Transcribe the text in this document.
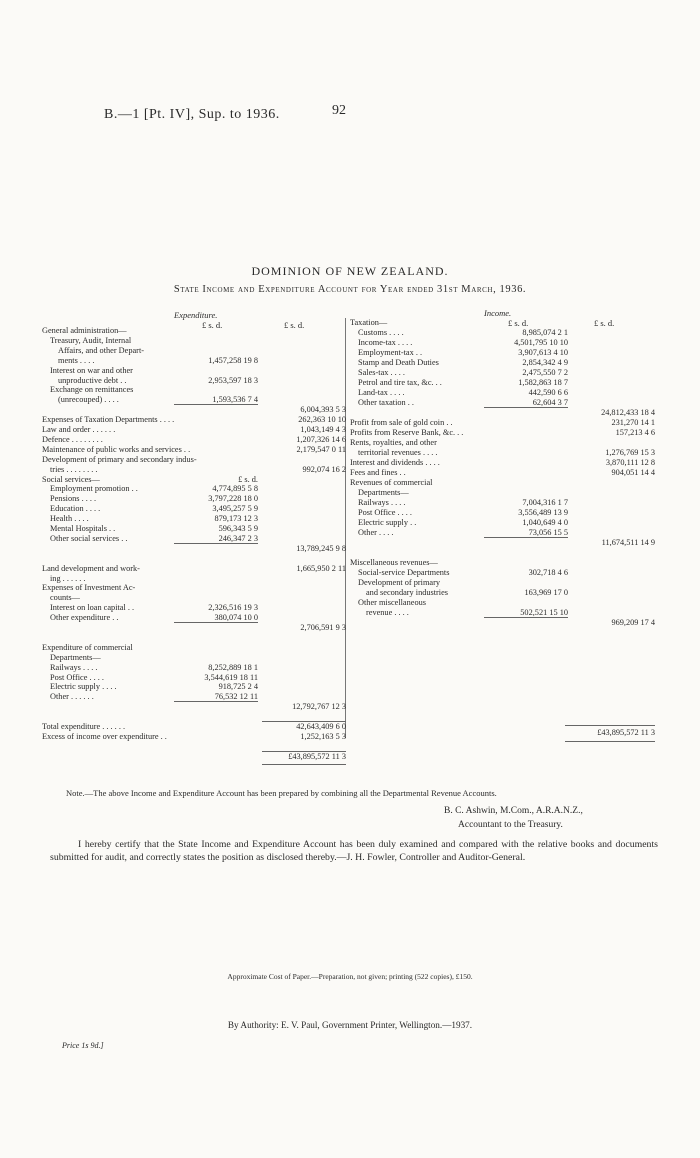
B.—1 [Pt. IV], Sup. to 1936.	92
DOMINION OF NEW ZEALAND.
State Income and Expenditure Account for Year ended 31st March, 1936.
Expenditure.
£ s. d.	£ s. d.
Income.
£ s. d.	£ s. d.
General administration—
Treasury, Audit, Internal
Affairs, and other Depart-
ments . . . .	1,457,258 19 8
Interest on war and other
unproductive debt . .	2,953,597 18 3
Exchange on remittances
(unrecouped) . . . .	1,593,536 7 4
6,004,393 5 3
Expenses of Taxation Departments . . . .	262,363 10 10
Law and order . . . . . .	1,043,149 4 3
Defence . . . . . . . .	1,207,326 14 6
Maintenance of public works and services . .	2,179,547 0 11
Development of primary and secondary indus-
tries . . . . . . . .	992,074 16 2
Social services—	£ s. d.
Employment promotion . .	4,774,895 5 8
Pensions . . . .	3,797,228 18 0
Education . . . .	3,495,257 5 9
Health . . . .	879,173 12 3
Mental Hospitals . .	596,343 5 9
Other social services . .	246,347 2 3
13,789,245 9 8
Land development and work-	1,665,950 2 11
ing . . . . . .
Expenses of Investment Ac-
counts—
Interest on loan capital . .	2,326,516 19 3
Other expenditure . .	380,074 10 0
2,706,591 9 3
Expenditure of commercial
Departments—
Railways . . . .	8,252,889 18 1
Post Office . . . .	3,544,619 18 11
Electric supply . . . .	918,725 2 4
Other . . . . . .	76,532 12 11
12,792,767 12 3
Total expenditure . . . . . .	42,643,409 6 0
Excess of income over expenditure . .	1,252,163 5 3
£43,895,572 11 3
Taxation—
Customs . . . .	8,985,074 2 1
Income-tax . . . .	4,501,795 10 10
Employment-tax . .	3,907,613 4 10
Stamp and Death Duties	2,854,342 4 9
Sales-tax . . . .	2,475,550 7 2
Petrol and tire tax, &c. . .	1,582,863 18 7
Land-tax . . . .	442,590 6 6
Other taxation . .	62,604 3 7
24,812,433 18 4
Profit from sale of gold coin . .	231,270 14 1
Profits from Reserve Bank, &c. . .	157,213 4 6
Rents, royalties, and other
territorial revenues . . . .	1,276,769 15 3
Interest and dividends . . . .	3,870,111 12 8
Fees and fines . .	904,051 14 4
Revenues of commercial
Departments—
Railways . . . .	7,004,316 1 7
Post Office . . . .	3,556,489 13 9
Electric supply . .	1,040,649 4 0
Other . . . .	73,056 15 5
11,674,511 14 9
Miscellaneous revenues—
Social-service Departments	302,718 4 6
Development of primary
and secondary industries	163,969 17 0
Other miscellaneous
revenue . . . .	502,521 15 10
969,209 17 4
£43,895,572 11 3
Note.—The above Income and Expenditure Account has been prepared by combining all the Departmental Revenue Accounts.
B. C. Ashwin, M.Com., A.R.A.N.Z.,
Accountant to the Treasury.
I hereby certify that the State Income and Expenditure Account has been duly examined and compared with the relative books and documents submitted for audit, and correctly states the position as disclosed thereby.—J. H. Fowler, Controller and Auditor-General.
Approximate Cost of Paper.—Preparation, not given; printing (522 copies), £150.
By Authority: E. V. Paul, Government Printer, Wellington.—1937.
Price 1s 9d.]
